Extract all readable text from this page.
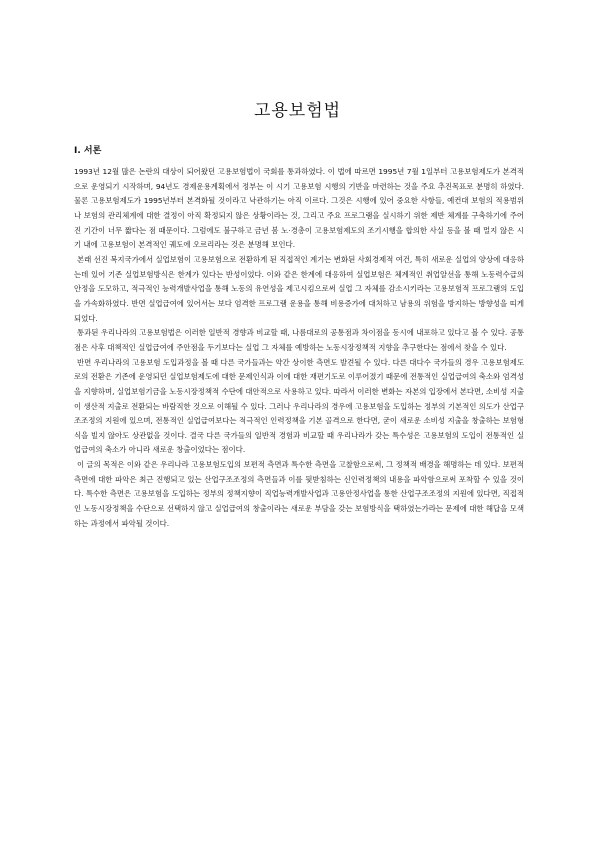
고용보험법
Ⅰ. 서론

1993년 12월 많은 논란의 대상이 되어왔던 고용보험법이 국회를 통과하였다. 이 법에 따르면 1995년 7월 1일부터 고용보험제도가 본격적으로 운영되기 시작하며, 94년도 경제운용계획에서 정부는 이 시기 고용보험 시행의 기반을 마련하는 것을 주요 추진목표로 분명히 하였다. 물론 고용보험제도가 1995년부터 본격화될 것이라고 낙관하기는 아직 이르다. 그것은 시행에 있어 중요한 사항들, 예컨대 보험의 적용범위나 보험의 관리체계에 대한 결정이 아직 확정되지 않은 상황이라는 것, 그리고 주요 프로그램을 실시하기 위한 제반 체계를 구축하기에 주어진 기간이 너무 짧다는 점 때문이다. 그럼에도 불구하고 금년 봄 노·경총이 고용보험제도의 조기시행을 합의한 사실 등을 볼 때 멀지 않은 시기 내에 고용보험이 본격적인 궤도에 오르리라는 것은 분명해 보인다.

본래 선진 복지국가에서 실업보험이 고용보험으로 전환하게 된 직접적인 계기는 변화된 사회경제적 여건, 특히 새로운 실업의 양상에 대응하는데 있어 기존 실업보험방식은 한계가 있다는 반성이었다. 이와 같은 한계에 대응하여 실업보험은 체계적인 취업알선을 통해 노동력수급의 안정을 도모하고, 적극적인 능력개발사업을 통해 노동의 유연성을 제고시킴으로써 실업 그 자체를 감소시키라는 고용보험적 프로그램의 도입을 가속화하였다. 반면 실업급여에 있어서는 보다 엄격한 프로그램 운용을 통해 비용증가에 대처하고 남용의 위험을 방지하는 방향성을 띠게 되었다.

통과된 우리나라의 고용보험법은 이러한 일반적 경향과 비교할 때, 나름대로의 공통점과 차이점을 동시에 내포하고 있다고 볼 수 있다. 공통점은 사후 대책적인 실업급여에 주안점을 두기보다는 실업 그 자체를 예방하는 노동시장정책적 지향을 추구한다는 점에서 찾을 수 있다.

반면 우리나라의 고용보험 도입과정을 볼 때 다른 국가들과는 약간 상이한 측면도 발견될 수 있다. 다른 대다수 국가들의 경우 고용보험제도로의 전환은 기존에 운영되던 실업보험제도에 대한 문제인식과 이에 대한 재편기도로 이루어졌기 때문에 전통적인 실업급여의 축소와 엄격성을 지향하며, 실업보험기금을 노동시장정책적 수단에 대안적으로 사용하고 있다. 따라서 이러한 변화는 자본의 입장에서 본다면, 소비성 지출이 생산적 지출로 전환되는 바람직한 것으로 이해될 수 있다. 그러나 우리나라의 경우에 고용보험을 도입하는 정부의 기본적인 의도가 산업구조조정의 지원에 있으며, 전통적인 실업급여보다는 적극적인 인력정책을 기본 골격으로 한다면, 굳이 새로운 소비성 지출을 창출하는 보험형식을 빌지 않아도 상관없을 것이다. 결국 다른 국가들의 일반적 경험과 비교할 때 우리나라가 갖는 특수성은 고용보험의 도입이 전통적인 실업급여의 축소가 아니라 새로운 창출이었다는 점이다.

이 글의 목적은 이와 같은 우리나라 고용보험도입의 보편적 측면과 특수한 측면을 고찰함으로써, 그 정책적 배경을 해명하는 데 있다. 보편적 측면에 대한 파악은 최근 진행되고 있는 산업구조조정의 측면들과 이를 뒷받침하는 신인력정책의 내용을 파악함으로써 포착할 수 있을 것이다. 특수한 측면은 고용보험을 도입하는 정부의 정책지향이 직업능력개발사업과 고용안정사업을 통한 산업구조조정의 지원에 있다면, 직접적인 노동시장정책을 수단으로 선택하지 않고 실업급여의 창출이라는 새로운 부담을 갖는 보험방식을 택하였는가라는 문제에 대한 해답을 모색하는 과정에서 파악될 것이다.
